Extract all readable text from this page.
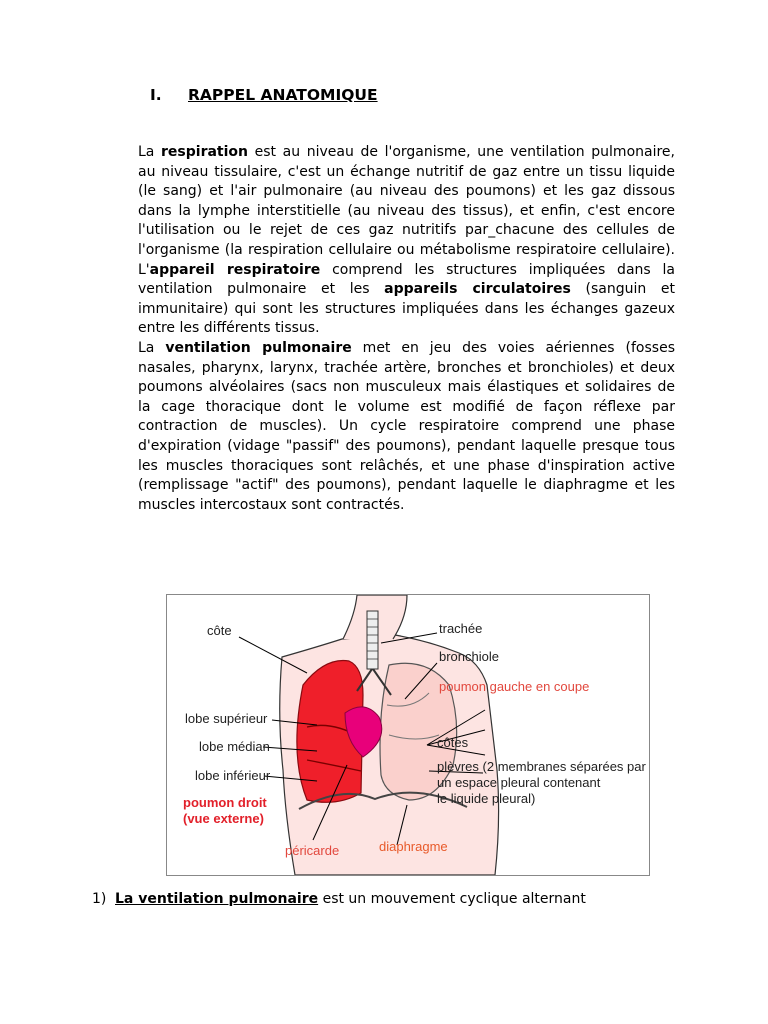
I. RAPPEL ANATOMIQUE

La respiration est au niveau de l'organisme, une ventilation pulmonaire, au niveau tissulaire, c'est un échange nutritif de gaz entre un tissu liquide (le sang) et l'air pulmonaire (au niveau des poumons) et les gaz dissous dans la lymphe interstitielle (au niveau des tissus), et enfin, c'est encore l'utilisation ou le rejet de ces gaz nutritifs par_chacune des cellules de l'organisme (la respiration cellulaire ou métabolisme respiratoire cellulaire). L'appareil respiratoire comprend les structures impliquées dans la ventilation pulmonaire et les appareils circulatoires (sanguin et immunitaire) qui sont les structures impliquées dans les échanges gazeux entre les différents tissus.

La ventilation pulmonaire met en jeu des voies aériennes (fosses nasales, pharynx, larynx, trachée artère, bronches et bronchioles) et deux poumons alvéolaires (sacs non musculeux mais élastiques et solidaires de la cage thoracique dont le volume est modifié de façon réflexe par contraction de muscles). Un cycle respiratoire comprend une phase d'expiration (vidage "passif" des poumons), pendant laquelle presque tous les muscles thoraciques sont relâchés, et une phase d'inspiration active (remplissage "actif" des poumons), pendant laquelle le diaphragme et les muscles intercostaux sont contractés.

côte	trachée
bronchiole
poumon gauche en coupe
lobe supérieur
lobe médian
lobe inférieur
côtes
plèvres (2 membranes séparées par
un espace pleural contenant
le liquide pleural)
poumon droit
(vue externe)
péricarde	diaphragme
1) La ventilation pulmonaire est un mouvement cyclique alternant
